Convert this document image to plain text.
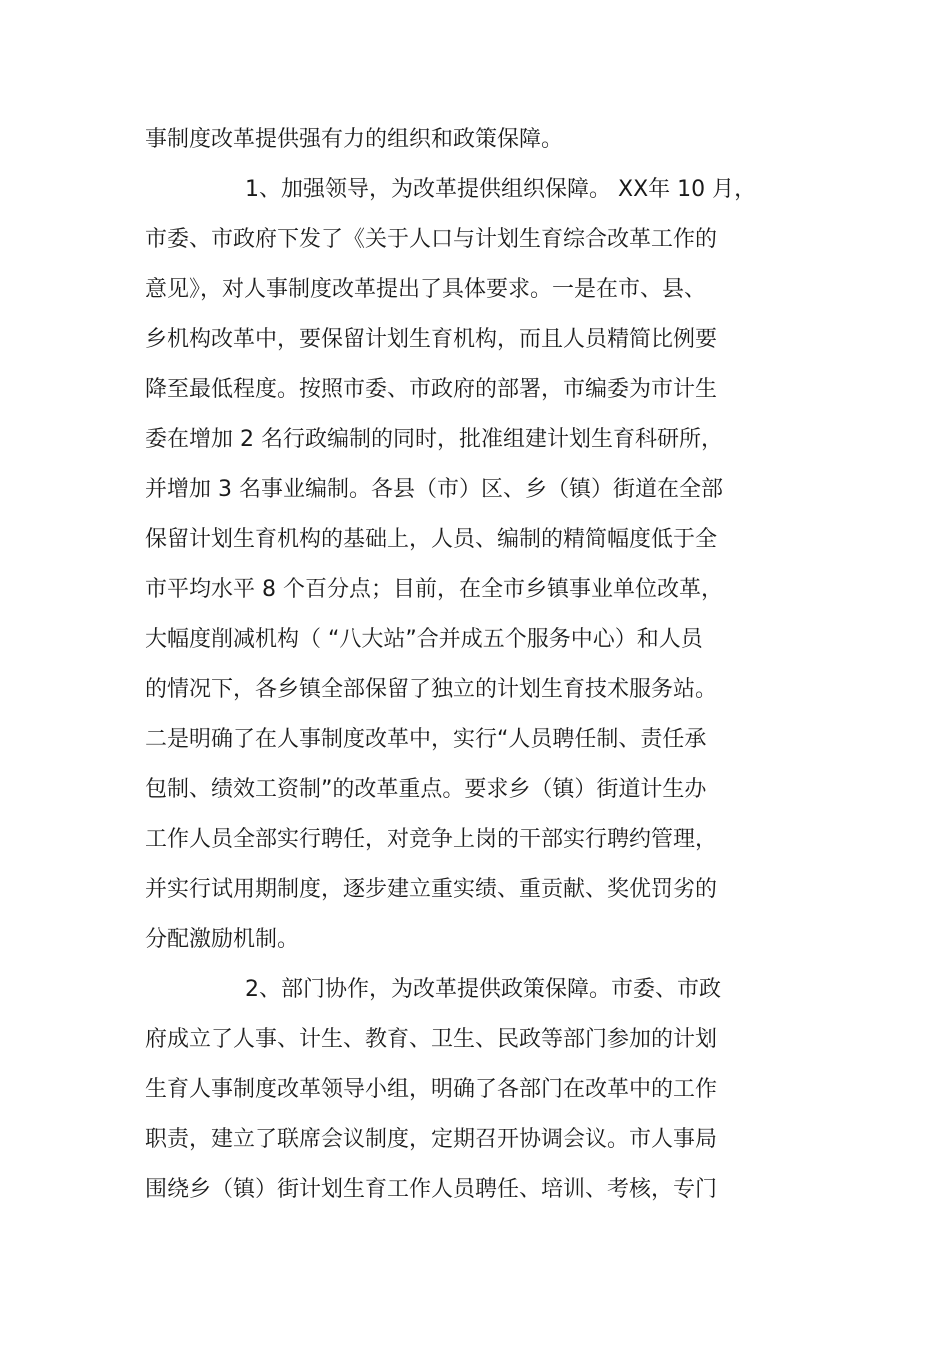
事制度改革提供强有力的组织和政策保障。
1、加强领导，为改革提供组织保障。 XX年 10 月，
市委、市政府下发了《关于人口与计划生育综合改革工作的
意见》，对人事制度改革提出了具体要求。一是在市、县、
乡机构改革中，要保留计划生育机构，而且人员精简比例要
降至最低程度。按照市委、市政府的部署，市编委为市计生
委在增加 2 名行政编制的同时，批准组建计划生育科研所，
并增加 3 名事业编制。各县（市）区、乡（镇）街道在全部
保留计划生育机构的基础上，人员、编制的精简幅度低于全
市平均水平 8 个百分点；目前，在全市乡镇事业单位改革，
大幅度削减机构（ “八大站”合并成五个服务中心）和人员
的情况下，各乡镇全部保留了独立的计划生育技术服务站。
二是明确了在人事制度改革中，实行“人员聘任制、责任承
包制、绩效工资制”的改革重点。要求乡（镇）街道计生办
工作人员全部实行聘任，对竞争上岗的干部实行聘约管理，
并实行试用期制度，逐步建立重实绩、重贡献、奖优罚劣的
分配激励机制。
2、部门协作，为改革提供政策保障。市委、市政
府成立了人事、计生、教育、卫生、民政等部门参加的计划
生育人事制度改革领导小组，明确了各部门在改革中的工作
职责，建立了联席会议制度，定期召开协调会议。市人事局
围绕乡（镇）街计划生育工作人员聘任、培训、考核，专门
